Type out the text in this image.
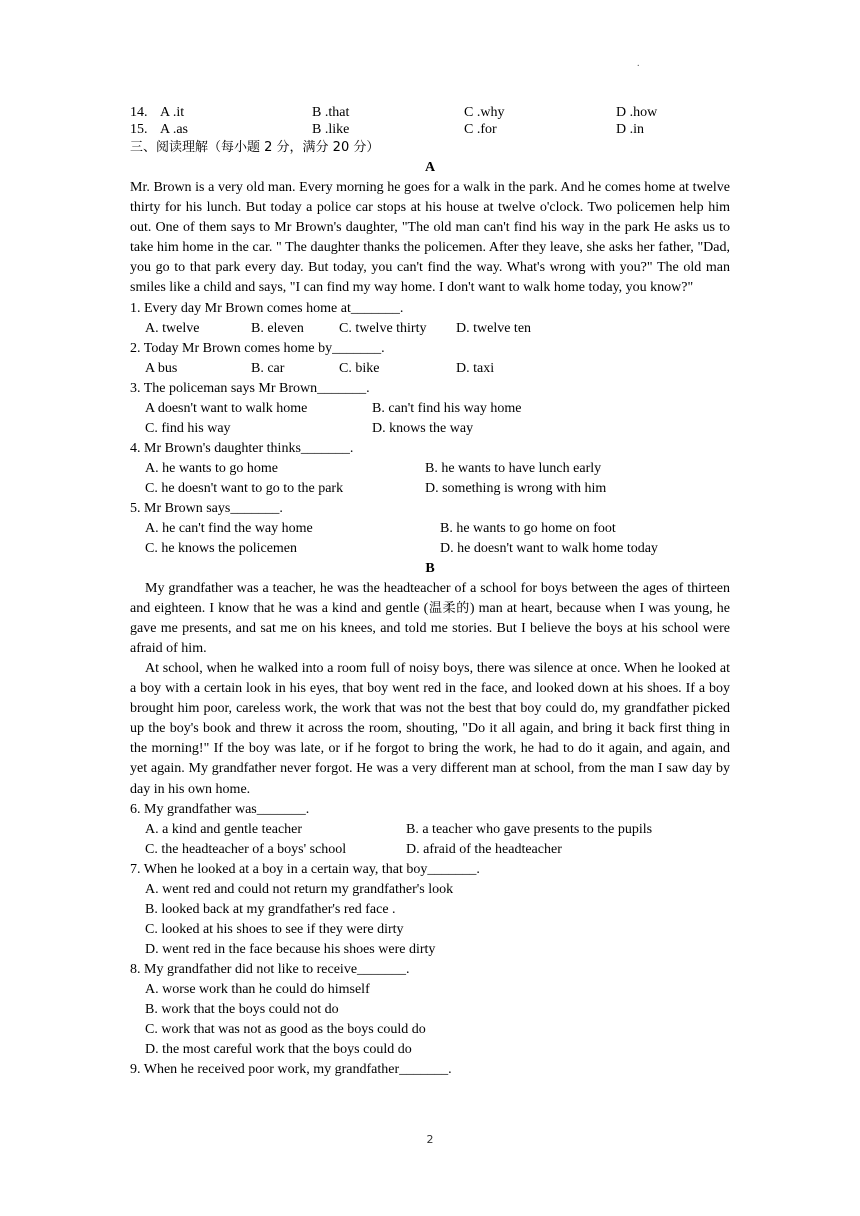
.
14. A .it	B .that	C .why	D .how
15. A .as	B .like	C .for	D .in
三、阅读理解（每小题 2 分，满分 20 分）
A
Mr. Brown is a very old man. Every morning he goes for a walk in the park. And he comes home at twelve thirty for his lunch. But today a police car stops at his house at twelve o'clock. Two policemen help him out. One of them says to Mr Brown's daughter, "The old man can't find his way in the park He asks us to take him home in the car. " The daughter thanks the policemen. After they leave, she asks her father, "Dad, you go to that park every day. But today, you can't find the way. What's wrong with you?" The old man smiles like a child and says, "I can find my way home. I don't want to walk home today, you know?"
1. Every day Mr Brown comes home at_______.
A. twelve	B. eleven	C. twelve thirty D. twelve ten
2. Today Mr Brown comes home by_______.
A bus	B. car	C. bike	D. taxi
3. The policeman says Mr Brown_______.
A doesn't want to walk home	B. can't find his way home
C. find his way	D. knows the way
4. Mr Brown's daughter thinks_______.
A. he wants to go home	B. he wants to have lunch early
C. he doesn't want to go to the park	D. something is wrong with him
5. Mr Brown says_______.
A. he can't find the way home	B. he wants to go home on foot
C. he knows the policemen	D. he doesn't want to walk home today
B
My grandfather was a teacher, he was the headteacher of a school for boys between the ages of thirteen and eighteen. I know that he was a kind and gentle (温柔的) man at heart, because when I was young, he gave me presents, and sat me on his knees, and told me stories. But I believe the boys at his school were afraid of him.
At school, when he walked into a room full of noisy boys, there was silence at once. When he looked at a boy with a certain look in his eyes, that boy went red in the face, and looked down at his shoes. If a boy brought him poor, careless work, the work that was not the best that boy could do, my grandfather picked up the boy's book and threw it across the room, shouting, "Do it all again, and bring it back first thing in the morning!" If the boy was late, or if he forgot to bring the work, he had to do it again, and again, and yet again. My grandfather never forgot. He was a very different man at school, from the man I saw day by day in his own home.
6. My grandfather was_______.
A. a kind and gentle teacher	B. a teacher who gave presents to the pupils
C. the headteacher of a boys' school	D. afraid of the headteacher
7. When he looked at a boy in a certain way, that boy_______.
A. went red and could not return my grandfather's look
B. looked back at my grandfather's red face .
C. looked at his shoes to see if they were dirty
D. went red in the face because his shoes were dirty
8. My grandfather did not like to receive_______.
A. worse work than he could do himself
B. work that the boys could not do
C. work that was not as good as the boys could do
D. the most careful work that the boys could do
9. When he received poor work, my grandfather_______.
2
